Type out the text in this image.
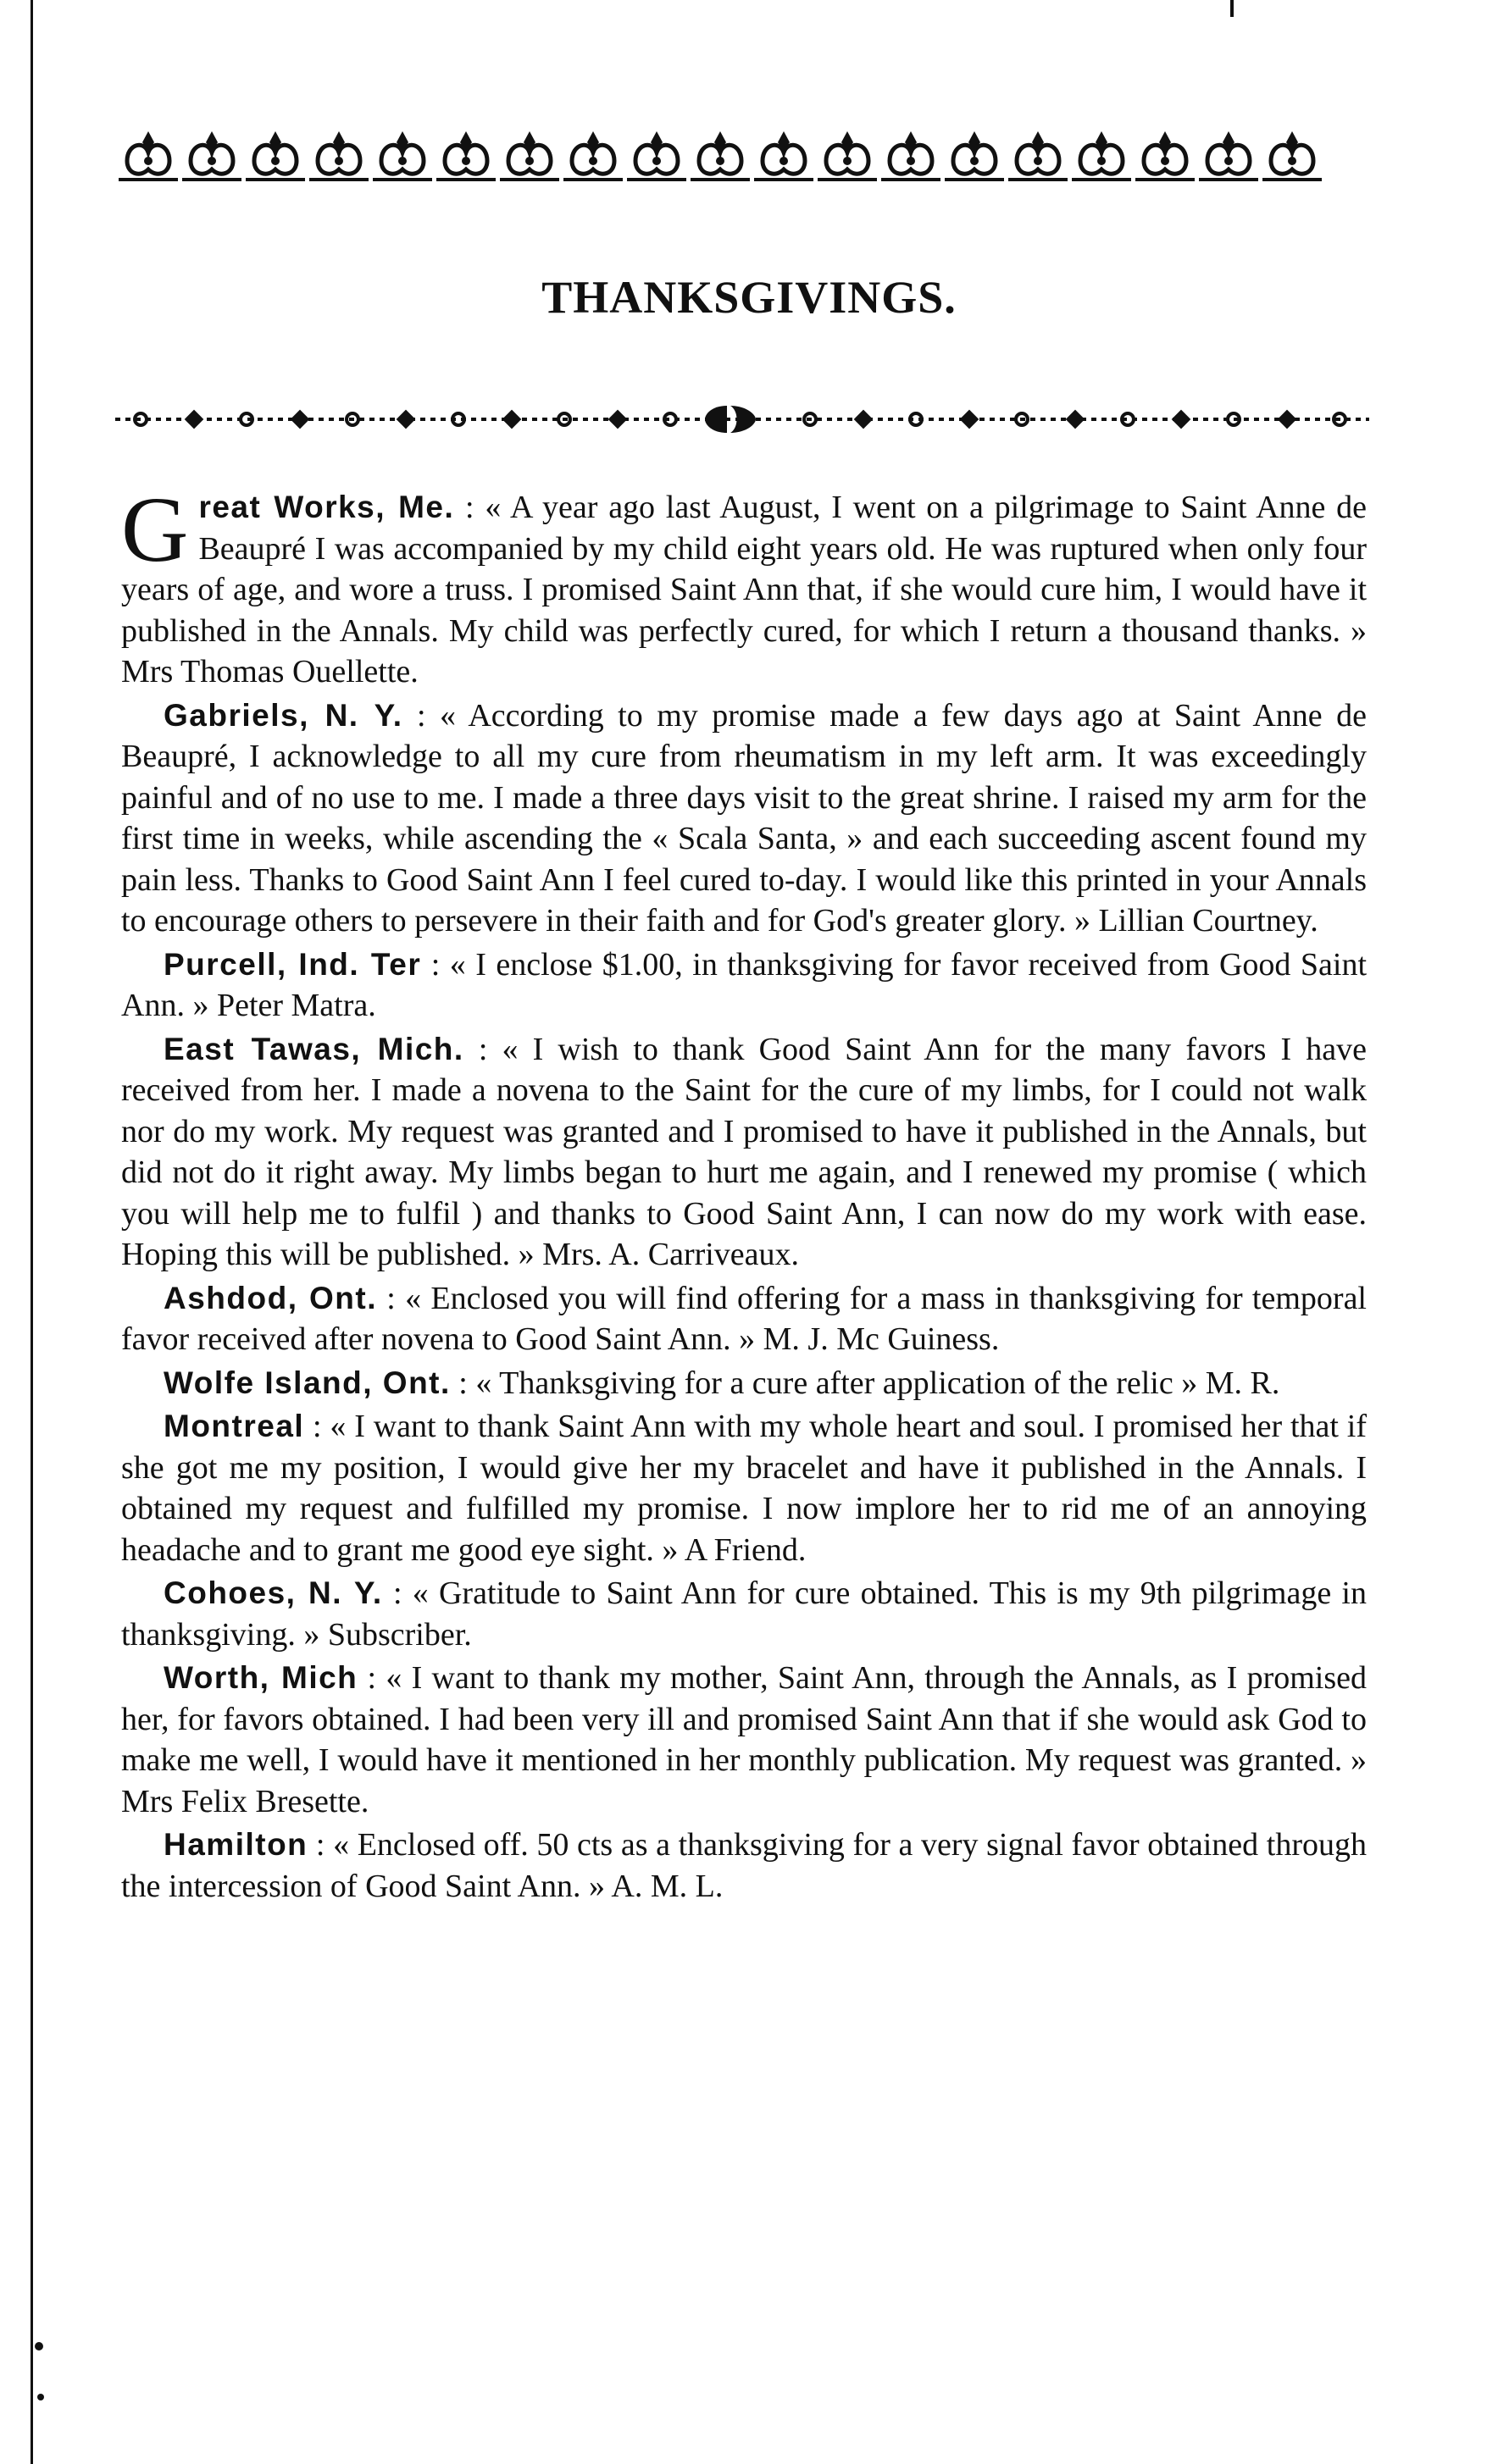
THANKSGIVINGS.

Great Works, Me. : « A year ago last August, I went on a pilgrimage to Saint Anne de Beaupré I was accompanied by my child eight years old. He was ruptured when only four years of age, and wore a truss. I promised Saint Ann that, if she would cure him, I would have it published in the Annals. My child was perfectly cured, for which I return a thousand thanks. » Mrs Thomas Ouellette.

Gabriels, N. Y. : « According to my promise made a few days ago at Saint Anne de Beaupré, I acknowledge to all my cure from rheumatism in my left arm. It was exceedingly painful and of no use to me. I made a three days visit to the great shrine. I raised my arm for the first time in weeks, while ascending the « Scala Santa, » and each succeeding ascent found my pain less. Thanks to Good Saint Ann I feel cured to-day. I would like this printed in your Annals to encourage others to persevere in their faith and for God's greater glory. » Lillian Courtney.

Purcell, Ind. Ter : « I enclose $1.00, in thanksgiving for favor received from Good Saint Ann. » Peter Matra.

East Tawas, Mich. : « I wish to thank Good Saint Ann for the many favors I have received from her. I made a novena to the Saint for the cure of my limbs, for I could not walk nor do my work. My request was granted and I promised to have it published in the Annals, but did not do it right away. My limbs began to hurt me again, and I renewed my promise ( which you will help me to fulfil ) and thanks to Good Saint Ann, I can now do my work with ease. Hoping this will be published. » Mrs. A. Carriveaux.

Ashdod, Ont. : « Enclosed you will find offering for a mass in thanksgiving for temporal favor received after novena to Good Saint Ann. » M. J. Mc Guiness.

Wolfe Island, Ont. : « Thanksgiving for a cure after application of the relic » M. R.

Montreal : « I want to thank Saint Ann with my whole heart and soul. I promised her that if she got me my position, I would give her my bracelet and have it published in the Annals. I obtained my request and fulfilled my promise. I now implore her to rid me of an annoying headache and to grant me good eye sight. » A Friend.

Cohoes, N. Y. : « Gratitude to Saint Ann for cure obtained. This is my 9th pilgrimage in thanksgiving. » Subscriber.

Worth, Mich : « I want to thank my mother, Saint Ann, through the Annals, as I promised her, for favors obtained. I had been very ill and promised Saint Ann that if she would ask God to make me well, I would have it mentioned in her monthly publication. My request was granted. » Mrs Felix Bresette.

Hamilton : « Enclosed off. 50 cts as a thanksgiving for a very signal favor obtained through the intercession of Good Saint Ann. » A. M. L.
